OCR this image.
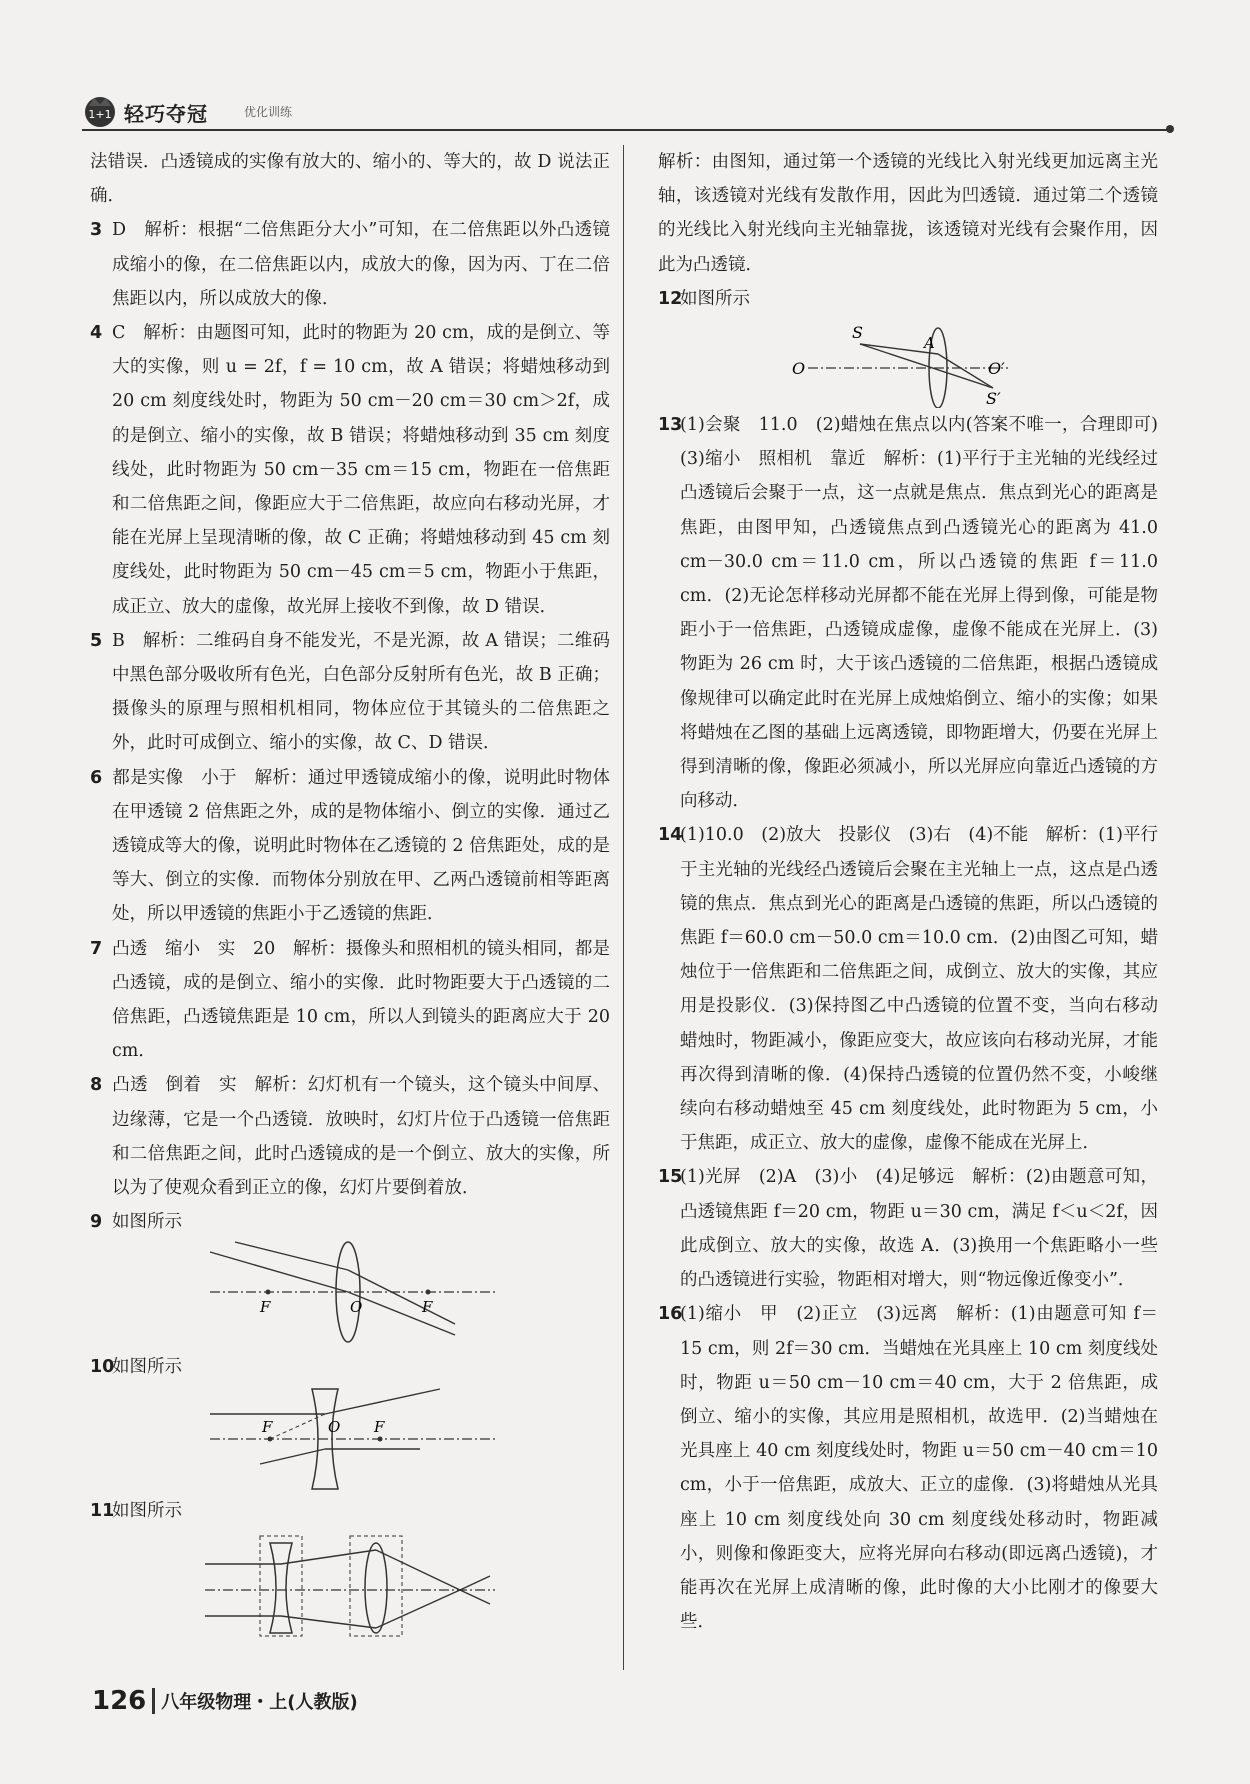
1+1 轻巧夺冠	优化训练

法错误．凸透镜成的实像有放大的、缩小的、等大的，故 D 说法正确．

3 D　解析：根据“二倍焦距分大小”可知，在二倍焦距以外凸透镜成缩小的像，在二倍焦距以内，成放大的像，因为丙、丁在二倍焦距以内，所以成放大的像．

4 C　解析：由题图可知，此时的物距为 20 cm，成的是倒立、等大的实像，则 u = 2f，f = 10 cm，故 A 错误；将蜡烛移动到 20 cm 刻度线处时，物距为 50 cm－20 cm＝30 cm＞2f，成的是倒立、缩小的实像，故 B 错误；将蜡烛移动到 35 cm 刻度线处，此时物距为 50 cm－35 cm＝15 cm，物距在一倍焦距和二倍焦距之间，像距应大于二倍焦距，故应向右移动光屏，才能在光屏上呈现清晰的像，故 C 正确；将蜡烛移动到 45 cm 刻度线处，此时物距为 50 cm－45 cm＝5 cm，物距小于焦距，成正立、放大的虚像，故光屏上接收不到像，故 D 错误．

5 B　解析：二维码自身不能发光，不是光源，故 A 错误；二维码中黑色部分吸收所有色光，白色部分反射所有色光，故 B 正确；摄像头的原理与照相机相同，物体应位于其镜头的二倍焦距之外，此时可成倒立、缩小的实像，故 C、D 错误．

6 都是实像　小于　解析：通过甲透镜成缩小的像，说明此时物体在甲透镜 2 倍焦距之外，成的是物体缩小、倒立的实像．通过乙透镜成等大的像，说明此时物体在乙透镜的 2 倍焦距处，成的是等大、倒立的实像．而物体分别放在甲、乙两凸透镜前相等距离处，所以甲透镜的焦距小于乙透镜的焦距．

7 凸透　缩小　实　20　解析：摄像头和照相机的镜头相同，都是凸透镜，成的是倒立、缩小的实像．此时物距要大于凸透镜的二倍焦距，凸透镜焦距是 10 cm，所以人到镜头的距离应大于 20 cm．

8 凸透　倒着　实　解析：幻灯机有一个镜头，这个镜头中间厚、边缘薄，它是一个凸透镜．放映时，幻灯片位于凸透镜一倍焦距和二倍焦距之间，此时凸透镜成的是一个倒立、放大的实像，所以为了使观众看到正立的像，幻灯片要倒着放．

9 如图所示

F	O	F

10如图所示

F	O F

11如图所示

解析：由图知，通过第一个透镜的光线比入射光线更加远离主光轴，该透镜对光线有发散作用，因此为凹透镜．通过第二个透镜的光线比入射光线向主光轴靠拢，该透镜对光线有会聚作用，因此为凸透镜．

12如图所示

S
A
O	O′
S′

13(1)会聚　11.0　(2)蜡烛在焦点以内(答案不唯一，合理即可)　(3)缩小　照相机　靠近　解析：(1)平行于主光轴的光线经过凸透镜后会聚于一点，这一点就是焦点．焦点到光心的距离是焦距，由图甲知，凸透镜焦点到凸透镜光心的距离为 41.0 cm－30.0 cm＝11.0 cm，所以凸透镜的焦距 f＝11.0 cm．(2)无论怎样移动光屏都不能在光屏上得到像，可能是物距小于一倍焦距，凸透镜成虚像，虚像不能成在光屏上．(3)物距为 26 cm 时，大于该凸透镜的二倍焦距，根据凸透镜成像规律可以确定此时在光屏上成烛焰倒立、缩小的实像；如果将蜡烛在乙图的基础上远离透镜，即物距增大，仍要在光屏上得到清晰的像，像距必须减小，所以光屏应向靠近凸透镜的方向移动．

14(1)10.0　(2)放大　投影仪　(3)右　(4)不能　解析：(1)平行于主光轴的光线经凸透镜后会聚在主光轴上一点，这点是凸透镜的焦点．焦点到光心的距离是凸透镜的焦距，所以凸透镜的焦距 f＝60.0 cm－50.0 cm＝10.0 cm．(2)由图乙可知，蜡烛位于一倍焦距和二倍焦距之间，成倒立、放大的实像，其应用是投影仪．(3)保持图乙中凸透镜的位置不变，当向右移动蜡烛时，物距减小，像距应变大，故应该向右移动光屏，才能再次得到清晰的像．(4)保持凸透镜的位置仍然不变，小峻继续向右移动蜡烛至 45 cm 刻度线处，此时物距为 5 cm，小于焦距，成正立、放大的虚像，虚像不能成在光屏上．

15(1)光屏　(2)A　(3)小　(4)足够远　解析：(2)由题意可知，凸透镜焦距 f＝20 cm，物距 u＝30 cm，满足 f＜u＜2f，因此成倒立、放大的实像，故选 A．(3)换用一个焦距略小一些的凸透镜进行实验，物距相对增大，则“物远像近像变小”．

16(1)缩小　甲　(2)正立　(3)远离　解析：(1)由题意可知 f＝15 cm，则 2f＝30 cm．当蜡烛在光具座上 10 cm 刻度线处时，物距 u＝50 cm－10 cm＝40 cm，大于 2 倍焦距，成倒立、缩小的实像，其应用是照相机，故选甲．(2)当蜡烛在光具座上 40 cm 刻度线处时，物距 u＝50 cm－40 cm＝10 cm，小于一倍焦距，成放大、正立的虚像．(3)将蜡烛从光具座上 10 cm 刻度线处向 30 cm 刻度线处移动时，物距减小，则像和像距变大，应将光屏向右移动(即远离凸透镜)，才能再次在光屏上成清晰的像，此时像的大小比刚才的像要大些．

126 八年级物理・上(人教版)
